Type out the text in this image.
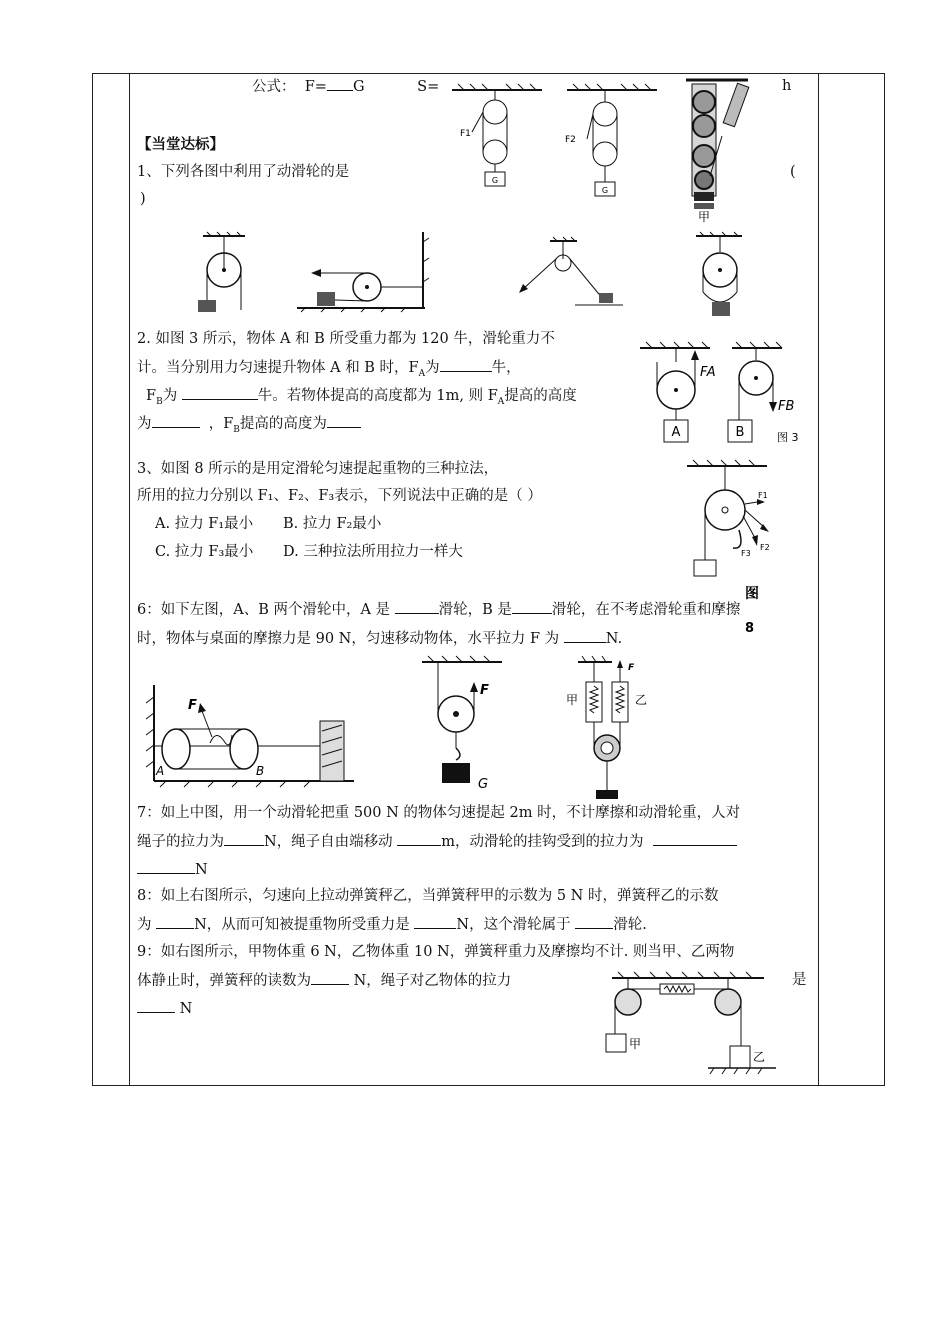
公式： F= G	S=	h
G
F1
G
F2
甲
【当堂达标】
1、下列各图中利用了动滑轮的是	(
)
2. 如图 3 所示，物体 A 和 B 所受重力都为 120 牛，滑轮重力不
计。当分别用力匀速提升物体 A 和 B 时，$F_A$为	牛，
$F_B$为	牛。若物体提高的高度都为 1m, 则 $F_A$提高的高度
为	，$F_B$提高的高度为
A
FA
B
FB
图 3
3、如图 8 所示的是用定滑轮匀速提起重物的三种拉法，
所用的拉力分别以 F₁、F₂、F₃表示，下列说法中正确的是（ ）
A. 拉力 F₁最小 B. 拉力 F₂最小
C. 拉力 F₃最小 D. 三种拉法所用拉力一样大
F1
F2
F3
图
8
6：如下左图，A、B 两个滑轮中，A 是	滑轮，B 是	滑轮，在不考虑滑轮重和摩擦
时，物体与桌面的摩擦力是 90 N，匀速移动物体，水平拉力 F 为	N.
F
A	B
F
G
甲	乙
F
7：如上中图，用一个动滑轮把重 500 N 的物体匀速提起 2m 时，不计摩擦和动滑轮重，人对
绳子的拉力为	N，绳子自由端移动	m，动滑轮的挂钩受到的拉力为
N
8：如上右图所示，匀速向上拉动弹簧秤乙，当弹簧秤甲的示数为 5 N 时，弹簧秤乙的示数
为	N，从而可知被提重物所受重力是	N，这个滑轮属于	滑轮.
9：如右图所示，甲物体重 6 N，乙物体重 10 N，弹簧秤重力及摩擦均不计. 则当甲、乙两物
体静止时，弹簧秤的读数为	N，绳子对乙物体的拉力	是
N
甲
乙
